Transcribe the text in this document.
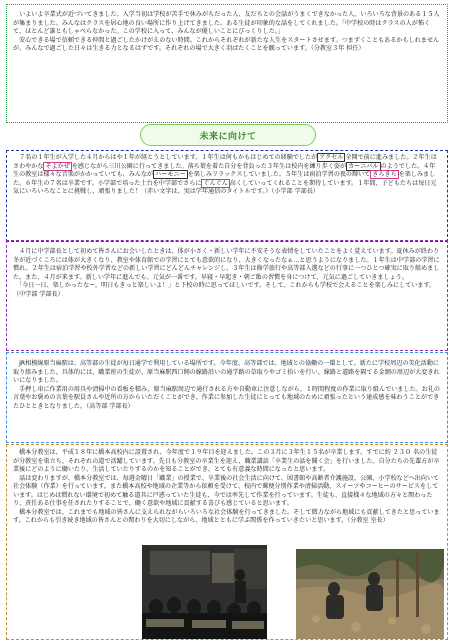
　いよいよ卒業式が近づいてきました。入学当初は学校が苦手で休みがちだった人、友だちとの会話がうまくできなかった人、いろいろな背景のある１５人が集まりました。みんなはクラスを居心地の良い場所に作り上げてきました。ある生徒が印象的な話をしてくれました。「中学校の時はクラスの人が怖くて、ほとんど誰ともしゃべらなかった。この学校に入って、みんなが優しいことにびっくりした。」

　安心できる場で信頼できる仲間と過ごしたかけがえのない時間。これからそれぞれが新たな人生をスタートさせます。つまずくこともあるかもしれませんが、みんなで過ごした日々は生きる力となるはずです。それぞれの場で大きく羽ばたくことを願っています。（分教室３年 担任）

未来に向けて

　７名の１年生が入学した４月からはや１年が経とうとしています。１年生は何もかもはじめての経験でしたが アクセル 全開で前に進みました。２年生はさわやかな そよかぜ を感じながら三川公園に行ってきました。落ち葉を着た自分を背負った３年生は校内を練り歩く姿が カーニバル のようでした。４年生の教室は様々な音楽がかかっていても、みんなが ハーモニー を楽しみリラックスしていました。５年生は宿泊学習の夜の輝いて きらきら を楽しみました。６年生の７名は卒業です。小学部で培った土台を中学部でさらに ぐんぐん 高くしていってくれることを期待しています。１年間、子どもたちは毎日元気にいろいろなことに挑戦し、頑張りました！（赤い文字は、実は学年通信のタイトルです。）（小学部 学部長）

　４月に中学部長として初めて皆さんにお会いしたときは、体が小さく・新しい学年に不安そうな表情をしていたことをよく覚えています。夏休みが終わり冬が近づくころには体が大きくなり、教室や体育館での学習にとても意欲的になり、大きくなったなぁ…と思うようになりました。１年生は中学部の学習に慣れ、２年生は宿泊学習や校外学習などの新しい学習にどんどんチャレンジし、３年生は修学旅行や高等部入選などの行事に一つひとつ確実に取り組めました。また、４月が来ます。新しい学年に進んでも、元気が一番です。早寝・早起き・朝ご飯の習慣を身につけて、元気に過ごしていきましょう。

　「今日一日、楽しかったなー。明日もきっと楽しいよ！」と下校の時に思ってほしいです。そして、これからも学校で会えることを楽しみにしています。（中学部 学部長）

　JR相模線原当麻駅は、高等部の生徒が毎日通学で利用している場所です。今年度、高等部では、地域との協働の一環として、新たに学校周辺の美化活動に取り組みました。具体的には、職業班の生徒が、原当麻駅西口側の線路沿いの通学路の草取りやゴミ拾いを行い、線路と道路を隔てる金網の周辺が大変きれいになりました。

　手押し車に作業用の用具や清掃中の看板を積み、原当麻駅周辺で通行される方や自動車に注意しながら、１時間程度の作業に取り組んでいました。お礼の言葉やお褒めの言葉を駅員さんや近所の方からいただくことができ、作業に参加した生徒にとっても地域のために頑張ったという達成感を味わうことができたひとときとなりました。（高等部 学部長）

　橋本分教室は、平成１８年に橋本高校内に設置され、今年度で１９年目を迎えました。この３月に３年生１５名が卒業します。すでに約 ２３０ 名の生徒が分教室を巣立ち、それぞれの道で活躍しています。先日も分教室の卒業生を迎え、職業講話「卒業生の話を聞く会」を行いました。自分たちの先輩方が卒業後にどのように働いたり、生活していたりするのかを知ることができ、とても有意義な時間になったと思います。

　話は変わりますが、橋本分教室では、毎週金曜日「職業」の授業で、卒業後の社会生活に向けて、図書館や高齢者介護施設、公園、小学校などへ出向いて社会体験（作業）を行っています。また橋本高校や地域の企業等から依頼を受けて、校内で郵便分別作業や清掃活動、スイーツやコーヒーのサービスをしています。はじめは慣れない環境で初めて触る道具に戸惑っていた生徒も、今では率先して作業を行っています。生徒も、直接様々な地域の方々と関わったり、責任ある仕事を任されたりすることで、働く意欲や地域に貢献する喜びも感じていると思います。

　橋本分教室では、これまでも地域の皆さんに支えられながらいろいろな社会体験を行ってきました。そして微力ながら地域にも貢献してきたと思っています。これからも引き続き地域の皆さんとの関わりを大切にしながら、地域とともに学ぶ関係を作っていきたいと思います。（分教室 室長）
